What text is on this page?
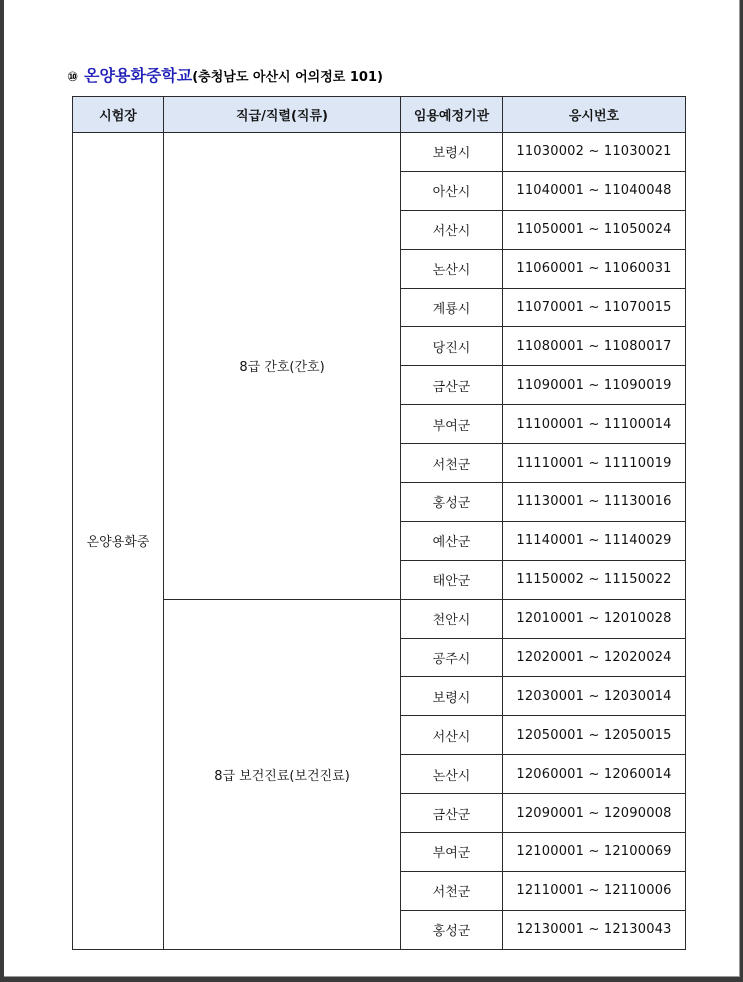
⑩ 온양용화중학교(충청남도 아산시 어의정로 101)
시험장	직급/직렬(직류)	임용예정기관	응시번호
온양용화중	8급 간호(간호)	보령시	11030002 ~ 11030021
		아산시	11040001 ~ 11040048
		서산시	11050001 ~ 11050024
		논산시	11060001 ~ 11060031
		계룡시	11070001 ~ 11070015
		당진시	11080001 ~ 11080017
		금산군	11090001 ~ 11090019
		부여군	11100001 ~ 11100014
		서천군	11110001 ~ 11110019
		홍성군	11130001 ~ 11130016
		예산군	11140001 ~ 11140029
		태안군	11150002 ~ 11150022
	8급 보건진료(보건진료)	천안시	12010001 ~ 12010028
		공주시	12020001 ~ 12020024
		보령시	12030001 ~ 12030014
		서산시	12050001 ~ 12050015
		논산시	12060001 ~ 12060014
		금산군	12090001 ~ 12090008
		부여군	12100001 ~ 12100069
		서천군	12110001 ~ 12110006
		홍성군	12130001 ~ 12130043
